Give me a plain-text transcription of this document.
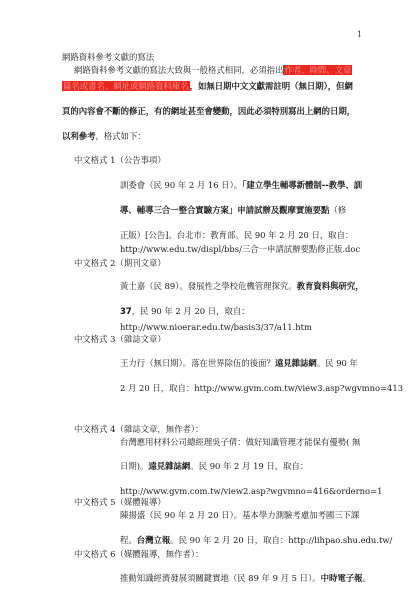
1
網路資料參考文獻的寫法
網路資料參考文獻的寫法大致與一般格式相同，必須指出作者、時間、文章
篇名或書名、網址或網路資料庫名，如無日期中文文獻需註明（無日期），但網
頁的內容會不斷的修正，有的網址甚至會變動，因此必須特別寫出上網的日期，
以利參考，格式如下：
中文格式 1（公告事項）
訓委會（民 90 年 2 月 16 日）。「建立學生輔導新體制--教學、訓
導、輔導三合一整合實驗方案」申請試辦及觀摩實施要點（修
正版）[公告]。台北市：教育部。民 90 年 2 月 20 日，取自：
http://www.edu.tw/displ/bbs/三合一申請試辦要點修正版.doc
中文格式 2（期刊文章）
黃士嘉（民 89）。發展性之學校危機管理探究。教育資料與研究，
37，民 90 年 2 月 20 日，取自：
http://www.nioerar.edu.tw/basis3/37/a11.htm
中文格式 3（雜誌文章）
王力行（無日期）。落在世界除伍的後面？遠見雜誌網。民 90 年
2 月 20 日，取自：http://www.gvm.com.tw/view3.asp?wgvmno=413
中文格式 4（雜誌文章，無作者）：
台灣應用材料公司總經理吳子倩：做好知識管理才能保有優勢( 無
日期)。遠見雜誌網。民 90 年 2 月 19 日，取自：
http://www.gvm.com.tw/view2.asp?wgvmno=416&orderno=1
中文格式 5（媒體報導）
陳揚盛（民 90 年 2 月 20 日）。基本學力測驗考慮加考國三下課
程。台灣立報。民 90 年 2 月 20 日，取自：http://lihpao.shu.edu.tw/
中文格式 6（媒體報導，無作者）：
推動知識經濟發展須關鍵實地（民 89 年 9 月 5 日）。中時電子報。
